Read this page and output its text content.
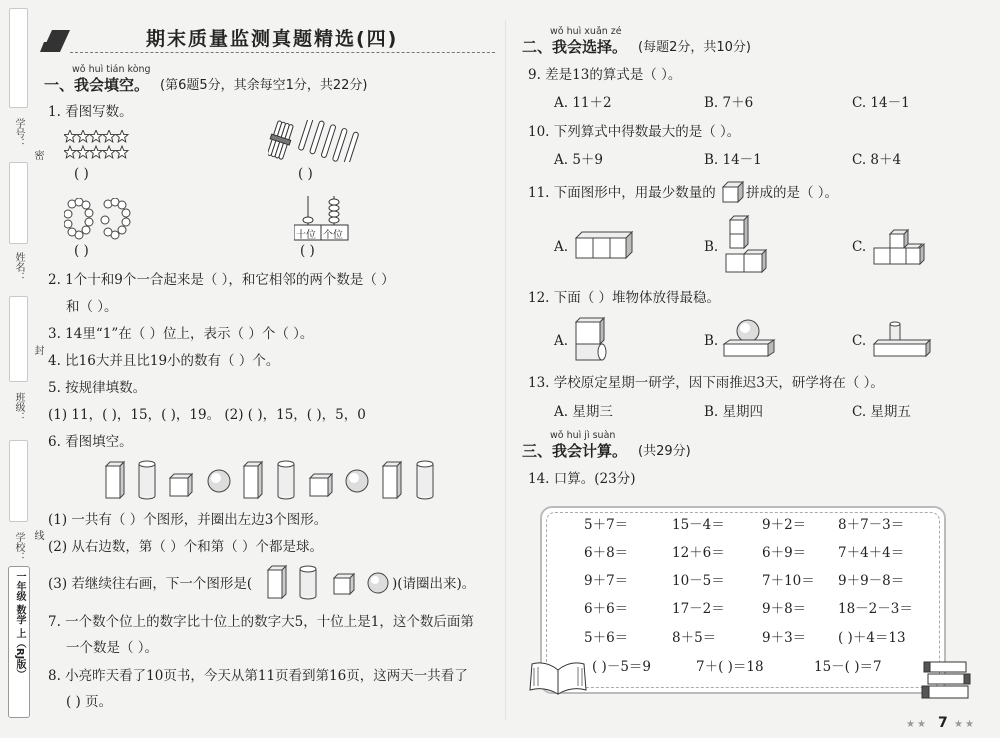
学号：
密
姓名：
封
班级：
学校： 线
一年级 数学 上（RJ版）
期末质量监测真题精选(四)
wǒ huì tián kòng
一、我会填空。 (第6题5分，其余每空1分，共22分)
1. 看图写数。
( )	( )
( )
十位 个位
( )
2. 1个十和9个一合起来是（ ），和它相邻的两个数是（ ）
和（ ）。
3. 14里“1”在（ ）位上，表示（ ）个（ ）。
4. 比16大并且比19小的数有（ ）个。
5. 按规律填数。
(1) 11，( )，15，( )，19。 (2) ( )，15，( )，5，0
6. 看图填空。
(1) 一共有（ ）个图形，并圈出左边3个图形。
(2) 从右边数，第（ ）个和第（ ）个都是球。
(3) 若继续往右画，下一个图形是(	)(请圈出来)。
7. 一个数个位上的数字比十位上的数字大5，十位上是1，这个数后面第
一个数是（ ）。
8. 小亮昨天看了10页书，今天从第11页看到第16页，这两天一共看了
( ) 页。
wǒ huì xuǎn zé
二、我会选择。 (每题2分，共10分)
9. 差是13的算式是（ ）。
A. 11＋2	B. 7＋6	C. 14－1
10. 下列算式中得数最大的是（ ）。
A. 5＋9	B. 14－1	C. 8＋4
11. 下面图形中，用最少数量的 拼成的是（ ）。
A.	B.	C.
12. 下面（ ）堆物体放得最稳。
A.	B.	C.
13. 学校原定星期一研学，因下雨推迟3天，研学将在（ ）。
A. 星期三	B. 星期四	C. 星期五
wǒ huì jì suàn
三、我会计算。 (共29分)
14. 口算。(23分)
5＋7＝	15－4＝	9＋2＝ 8＋7－3＝
6＋8＝	12＋6＝	6＋9＝ 7＋4＋4＝
9＋7＝	10－5＝	7＋10＝ 9＋9－8＝
6＋6＝	17－2＝	9＋8＝ 18－2－3＝
5＋6＝	8＋5＝	9＋3＝ ( )＋4＝13
( )－5＝9	7＋( )＝18	15－( )＝7
★★ 7 ★★
